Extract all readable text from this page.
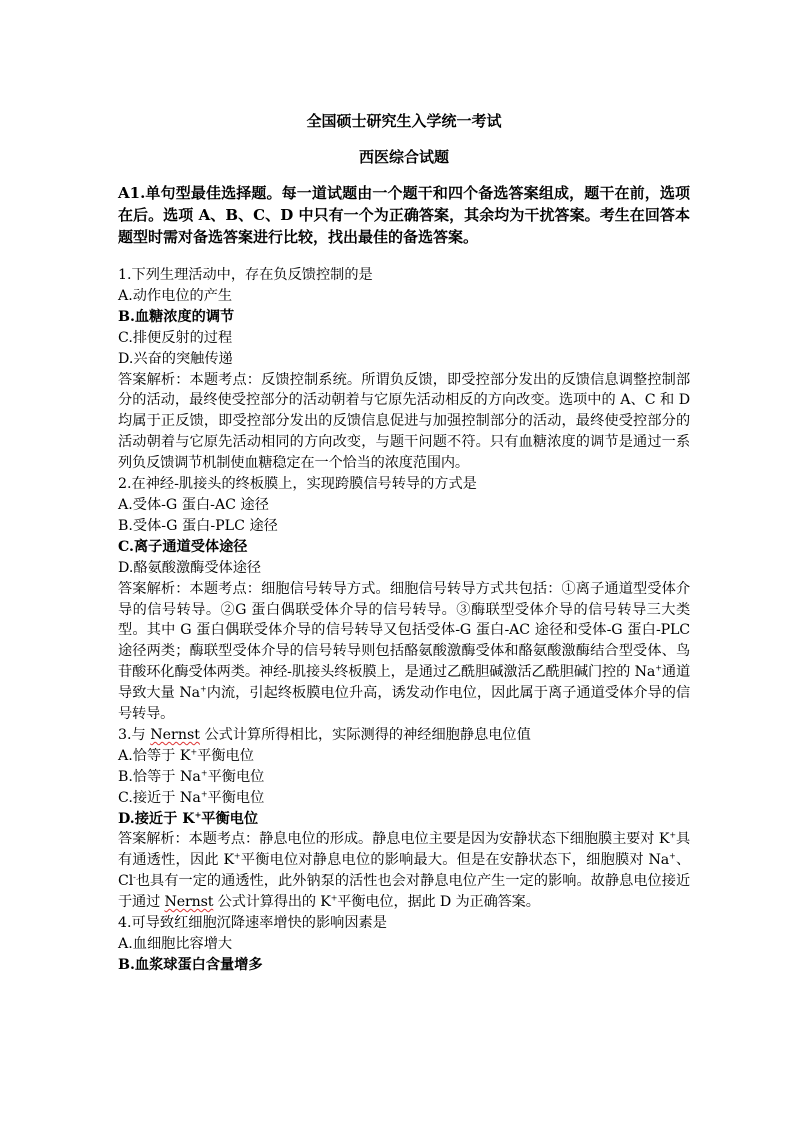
全国硕士研究生入学统一考试
西医综合试题
A1.单句型最佳选择题。每一道试题由一个题干和四个备选答案组成，题干在前，选项在后。选项 A、B、C、D 中只有一个为正确答案，其余均为干扰答案。考生在回答本题型时需对备选答案进行比较，找出最佳的备选答案。
1.下列生理活动中，存在负反馈控制的是
A.动作电位的产生
B.血糖浓度的调节
C.排便反射的过程
D.兴奋的突触传递
答案解析：本题考点：反馈控制系统。所谓负反馈，即受控部分发出的反馈信息调整控制部分的活动，最终使受控部分的活动朝着与它原先活动相反的方向改变。选项中的 A、C 和 D 均属于正反馈，即受控部分发出的反馈信息促进与加强控制部分的活动，最终使受控部分的活动朝着与它原先活动相同的方向改变，与题干问题不符。只有血糖浓度的调节是通过一系列负反馈调节机制使血糖稳定在一个恰当的浓度范围内。
2.在神经-肌接头的终板膜上，实现跨膜信号转导的方式是
A.受体-G 蛋白-AC 途径
B.受体-G 蛋白-PLC 途径
C.离子通道受体途径
D.酪氨酸激酶受体途径
答案解析：本题考点：细胞信号转导方式。细胞信号转导方式共包括：①离子通道型受体介导的信号转导。②G 蛋白偶联受体介导的信号转导。③酶联型受体介导的信号转导三大类型。其中 G 蛋白偶联受体介导的信号转导又包括受体-G 蛋白-AC 途径和受体-G 蛋白-PLC 途径两类；酶联型受体介导的信号转导则包括酪氨酸激酶受体和酪氨酸激酶结合型受体、鸟苷酸环化酶受体两类。神经-肌接头终板膜上，是通过乙酰胆碱激活乙酰胆碱门控的 Na+通道导致大量 Na+内流，引起终板膜电位升高，诱发动作电位，因此属于离子通道受体介导的信号转导。
3.与 Nernst 公式计算所得相比，实际测得的神经细胞静息电位值
A.恰等于 K+平衡电位
B.恰等于 Na+平衡电位
C.接近于 Na+平衡电位
D.接近于 K+平衡电位
答案解析：本题考点：静息电位的形成。静息电位主要是因为安静状态下细胞膜主要对 K+具有通透性，因此 K+平衡电位对静息电位的影响最大。但是在安静状态下，细胞膜对 Na+、Cl-也具有一定的通透性，此外钠泵的活性也会对静息电位产生一定的影响。故静息电位接近于通过 Nernst 公式计算得出的 K+平衡电位，据此 D 为正确答案。
4.可导致红细胞沉降速率增快的影响因素是
A.血细胞比容增大
B.血浆球蛋白含量增多
